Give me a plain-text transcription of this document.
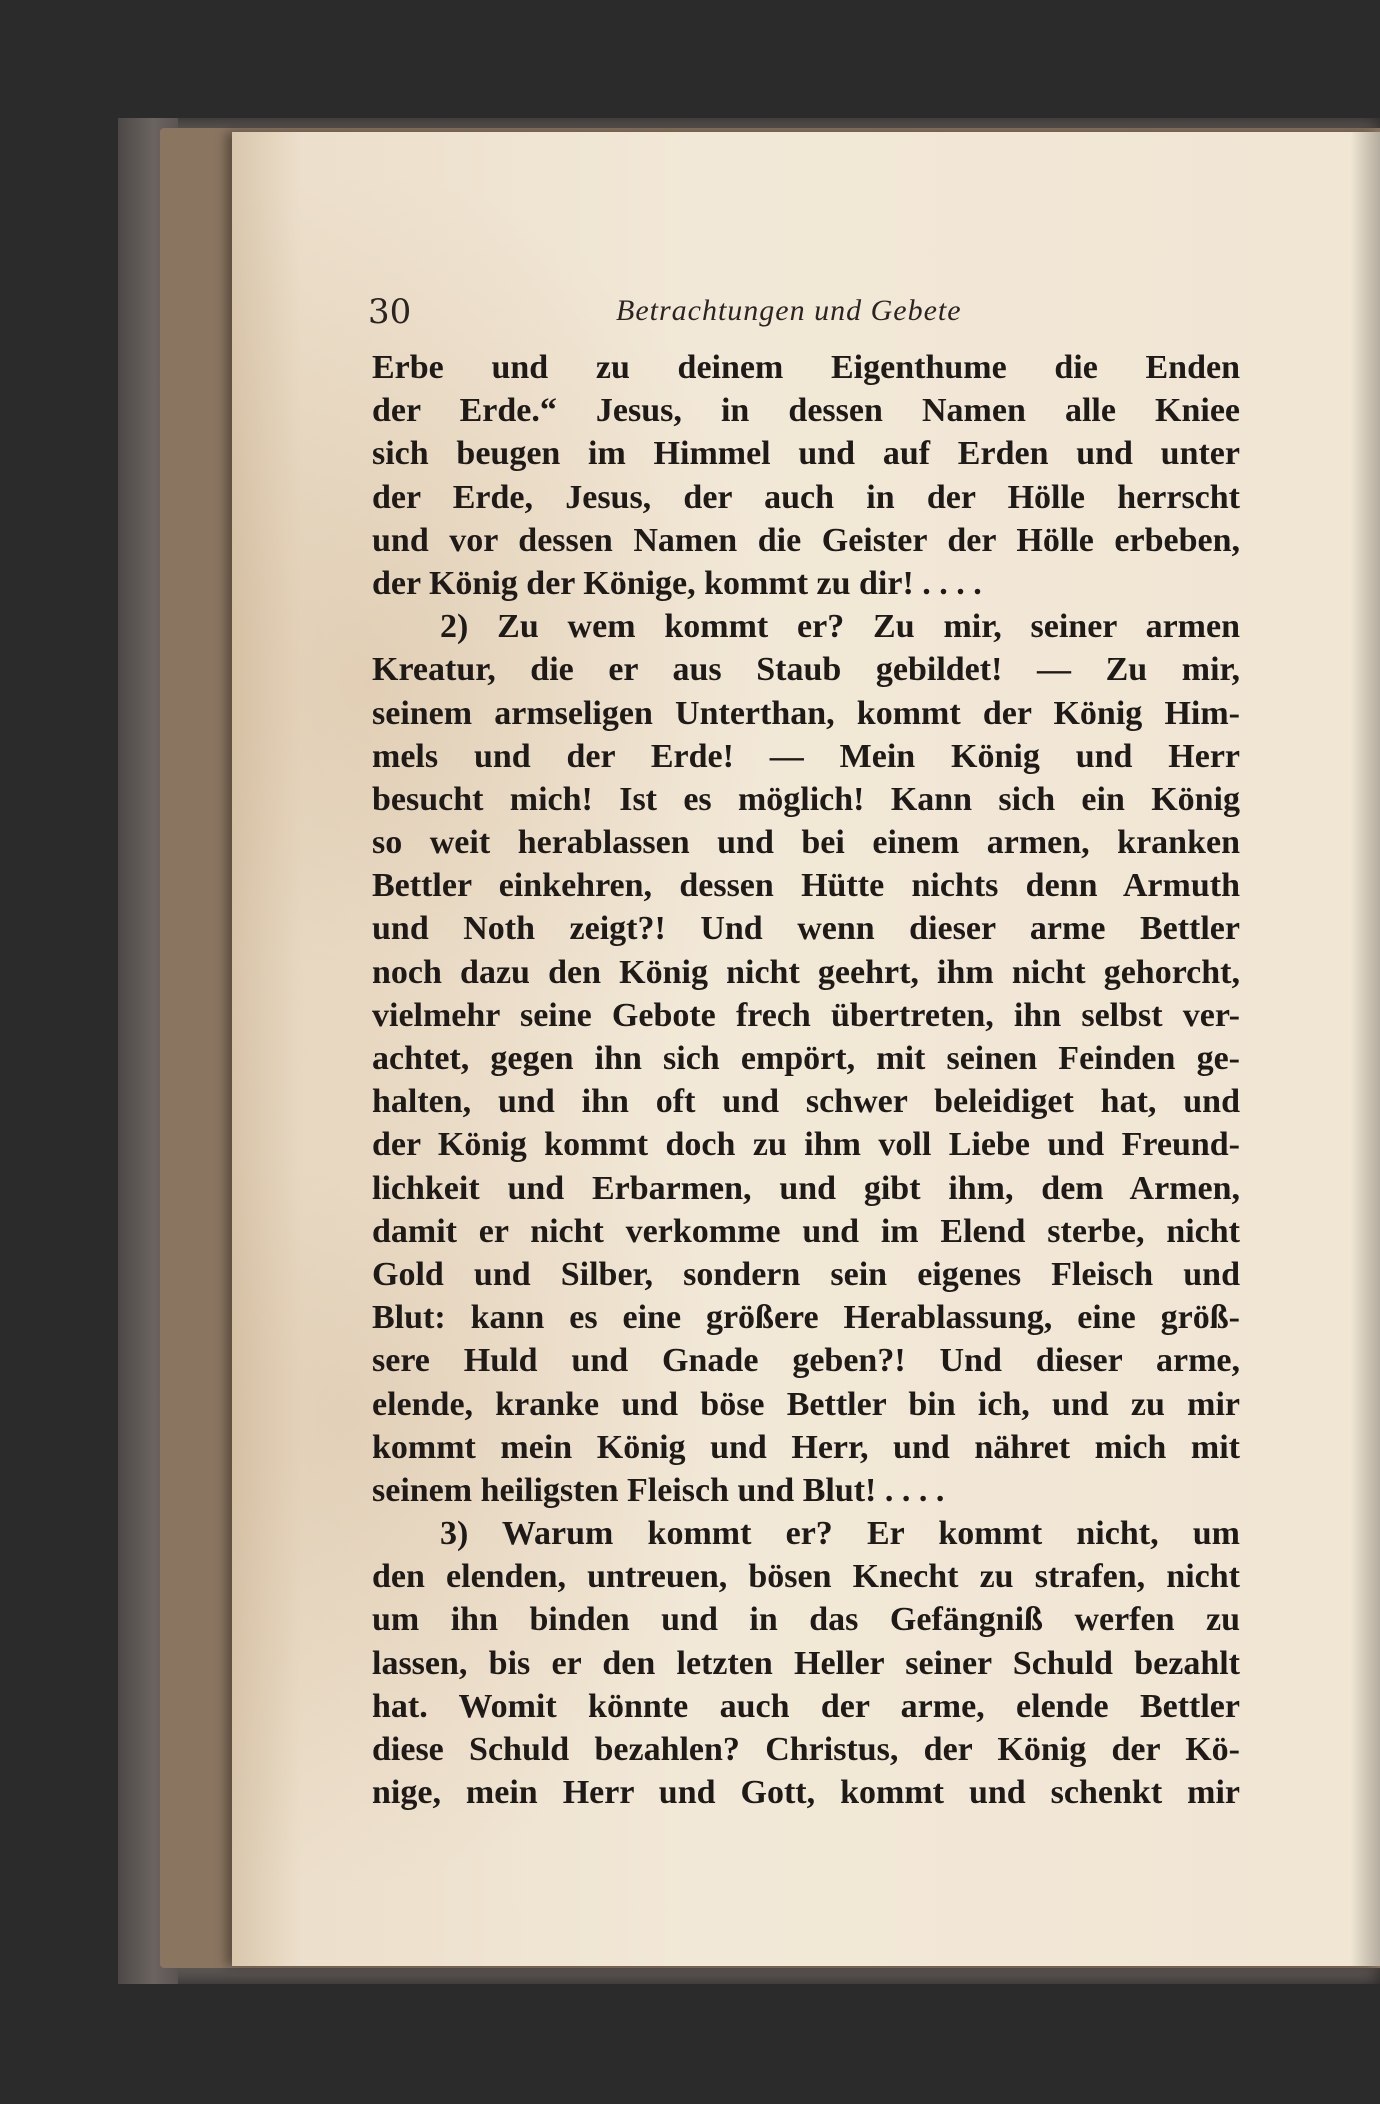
30	Betrachtungen und Gebete
Erbe und zu deinem Eigenthume die Enden
der Erde.“ Jesus, in dessen Namen alle Kniee
sich beugen im Himmel und auf Erden und unter
der Erde, Jesus, der auch in der Hölle herrscht
und vor dessen Namen die Geister der Hölle erbeben,
der König der Könige, kommt zu dir! . . . .
2) Zu wem kommt er? Zu mir, seiner armen
Kreatur, die er aus Staub gebildet! — Zu mir,
seinem armseligen Unterthan, kommt der König Him-
mels und der Erde! — Mein König und Herr
besucht mich! Ist es möglich! Kann sich ein König
so weit herablassen und bei einem armen, kranken
Bettler einkehren, dessen Hütte nichts denn Armuth
und Noth zeigt?! Und wenn dieser arme Bettler
noch dazu den König nicht geehrt, ihm nicht gehorcht,
vielmehr seine Gebote frech übertreten, ihn selbst ver-
achtet, gegen ihn sich empört, mit seinen Feinden ge-
halten, und ihn oft und schwer beleidiget hat, und
der König kommt doch zu ihm voll Liebe und Freund-
lichkeit und Erbarmen, und gibt ihm, dem Armen,
damit er nicht verkomme und im Elend sterbe, nicht
Gold und Silber, sondern sein eigenes Fleisch und
Blut: kann es eine größere Herablassung, eine größ-
sere Huld und Gnade geben?! Und dieser arme,
elende, kranke und böse Bettler bin ich, und zu mir
kommt mein König und Herr, und nähret mich mit
seinem heiligsten Fleisch und Blut! . . . .
3) Warum kommt er? Er kommt nicht, um
den elenden, untreuen, bösen Knecht zu strafen, nicht
um ihn binden und in das Gefängniß werfen zu
lassen, bis er den letzten Heller seiner Schuld bezahlt
hat. Womit könnte auch der arme, elende Bettler
diese Schuld bezahlen? Christus, der König der Kö-
nige, mein Herr und Gott, kommt und schenkt mir
